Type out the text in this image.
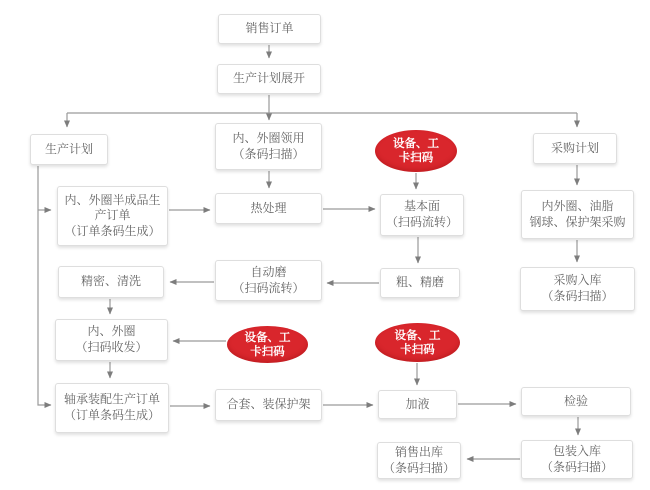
销售订单
生产计划展开
生产计划
内、外圈领用
（条码扫描）	采购计划
内、外圈半成品生产订单
（订单条码生成）
热处理	基本面
（扫码流转）
内外圈、油脂
钢球、保护架采购
精密、清洗
自动磨
（扫码流转）	粗、精磨	采购入库
（条码扫描）
内、外圈
（扫码收发）
轴承装配生产订单
（订单条码生成）
合套、装保护架	加液	检验
销售出库
（条码扫描）
包装入库
（条码扫描）
设备、工
卡扫码
设备、工
卡扫码
设备、工
卡扫码
